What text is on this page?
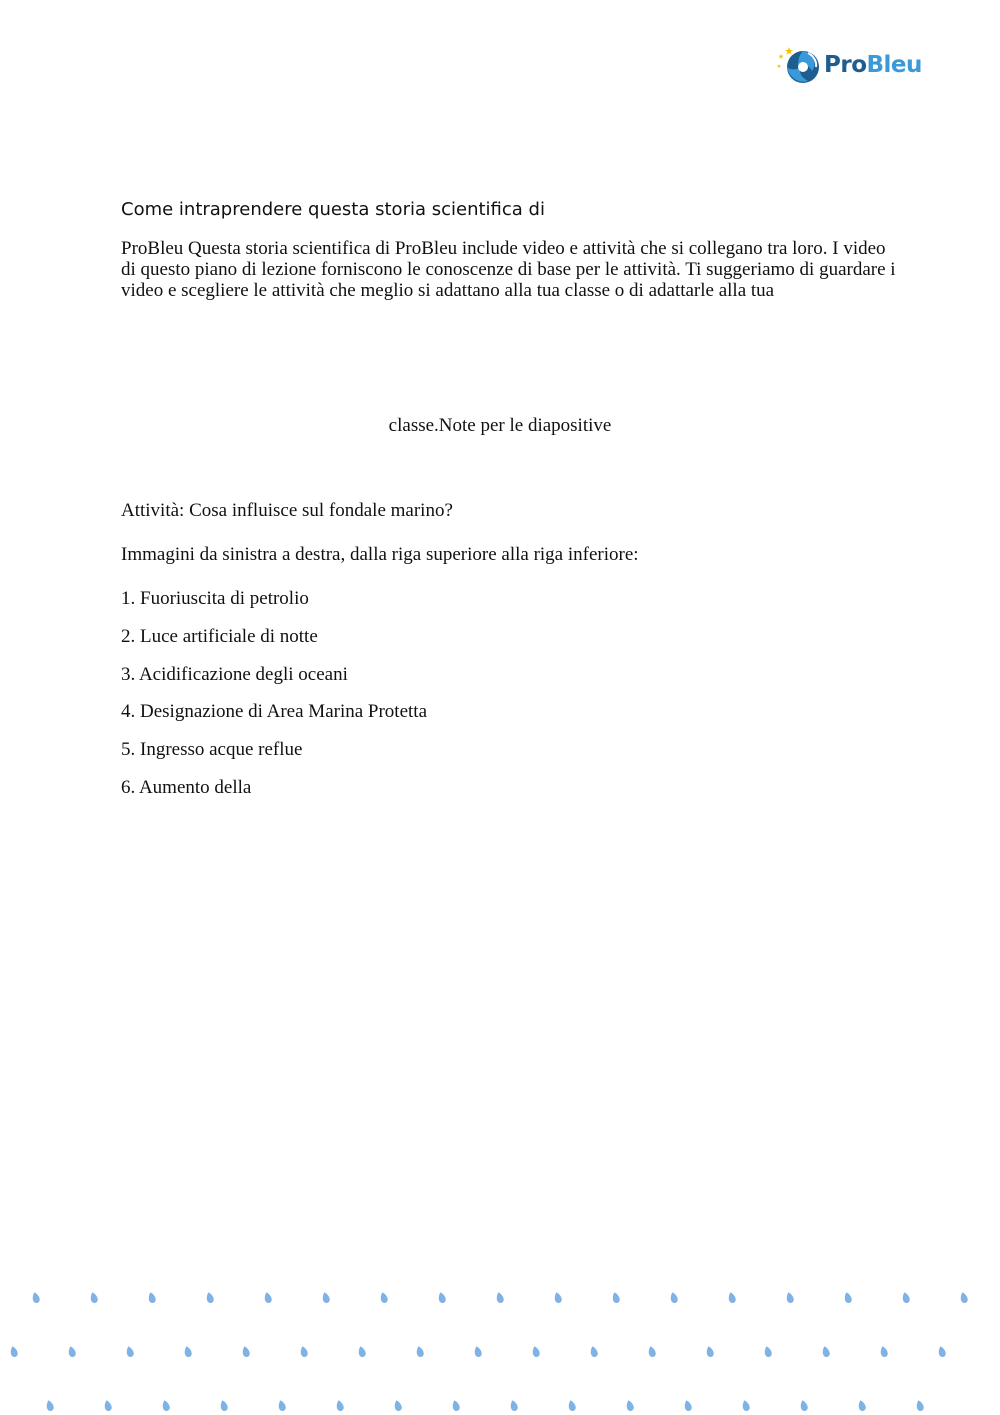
ProBleu
Come intraprendere questa storia scientifica di

ProBleu Questa storia scientifica di ProBleu include video e attività che si collegano tra loro. I video di questo piano di lezione forniscono le conoscenze di base per le attività. Ti suggeriamo di guardare i video e scegliere le attività che meglio si adattano alla tua classe o di adattarle alla tua

classe.Note per le diapositive
Attività: Cosa influisce sul fondale marino?
Immagini da sinistra a destra, dalla riga superiore alla riga inferiore:
1. Fuoriuscita di petrolio
2. Luce artificiale di notte
3. Acidificazione degli oceani
4. Designazione di Area Marina Protetta
5. Ingresso acque reflue
6. Aumento della
